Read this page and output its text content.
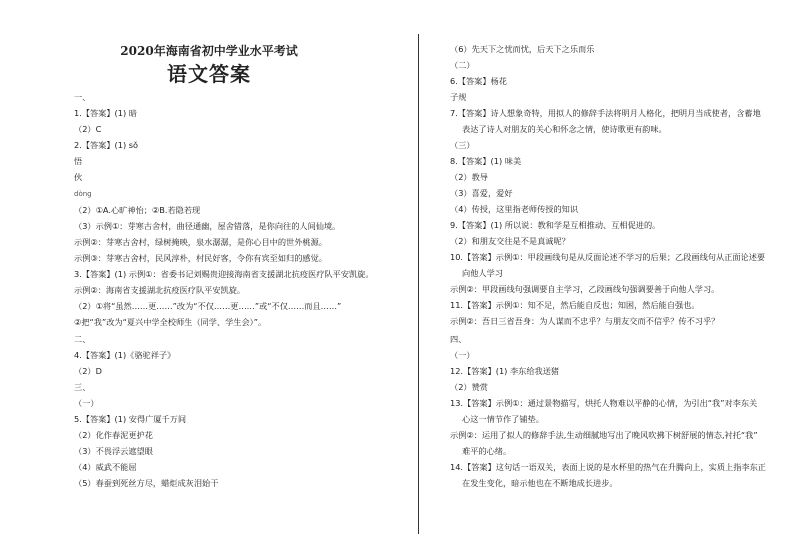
2020年海南省初中学业水平考试
语文答案
一、
1.【答案】(1) 暗
（2）C
2.【答案】(1) sǒ
悟
伙
dòng
（2）①A.心旷神怡；②B.若隐若现
（3）示例①：芽寒古舍村，曲径通幽，屋舍错落，是你向往的人间仙境。
示例②：芽寒古舍村，绿树掩映，泉水潺潺，是你心目中的世外桃源。
示例③：芽寒古舍村，民风淳朴，村民好客，令你有宾至如归的感觉。
3.【答案】(1) 示例①：省委书记刘赐贵迎接海南省支援湖北抗疫医疗队平安凯旋。
示例②：海南省支援湖北抗疫医疗队平安凯旋。
（2）①将“虽然……更……”改为“不仅……更……”或“不仅……而且……”
②把“我”改为“夏兴中学全校师生（同学、学生会）”。
二、
4.【答案】(1)《骆驼祥子》
（2）D
三、
（一）
5.【答案】(1) 安得广厦千万间
（2）化作春泥更护花
（3）不畏浮云遮望眼
（4）威武不能屈
（5）春蚕到死丝方尽，蜡炬成灰泪始干
（6）先天下之忧而忧，后天下之乐而乐
（二）
6.【答案】杨花
子规
7.【答案】诗人想象奇特，用拟人的修辞手法将明月人格化，把明月当成使者，含蓄地
表达了诗人对朋友的关心和怀念之情，使诗歌更有韵味。
（三）
8.【答案】(1) 味美
（2）教导
（3）喜爱，爱好
（4）传授，这里指老师传授的知识
9.【答案】(1) 所以说：教和学是互相推动、互相促进的。
（2）和朋友交往是不是真诚呢？
10.【答案】示例①：甲段画线句是从反面论述不学习的后果；乙段画线句从正面论述要
向他人学习
示例②：甲段画线句强调要自主学习，乙段画线句强调要善于向他人学习。
11.【答案】示例①：知不足，然后能自反也；知困，然后能自强也。
示例②：吾日三省吾身：为人谋而不忠乎？与朋友交而不信乎？传不习乎？
四、
（一）
12.【答案】(1) 李东给我送猪
（2）赞赏
13.【答案】示例①：通过景物描写，烘托人物难以平静的心情，为引出“我”对李东关
心这一情节作了铺垫。
示例②：运用了拟人的修辞手法,生动细腻地写出了晚风吹拂下树舒展的情态,衬托“我”
难平的心绪。
14.【答案】这句话一语双关，表面上说的是水杯里的热气在升腾向上，实质上指李东正
在发生变化，暗示他也在不断地成长进步。
